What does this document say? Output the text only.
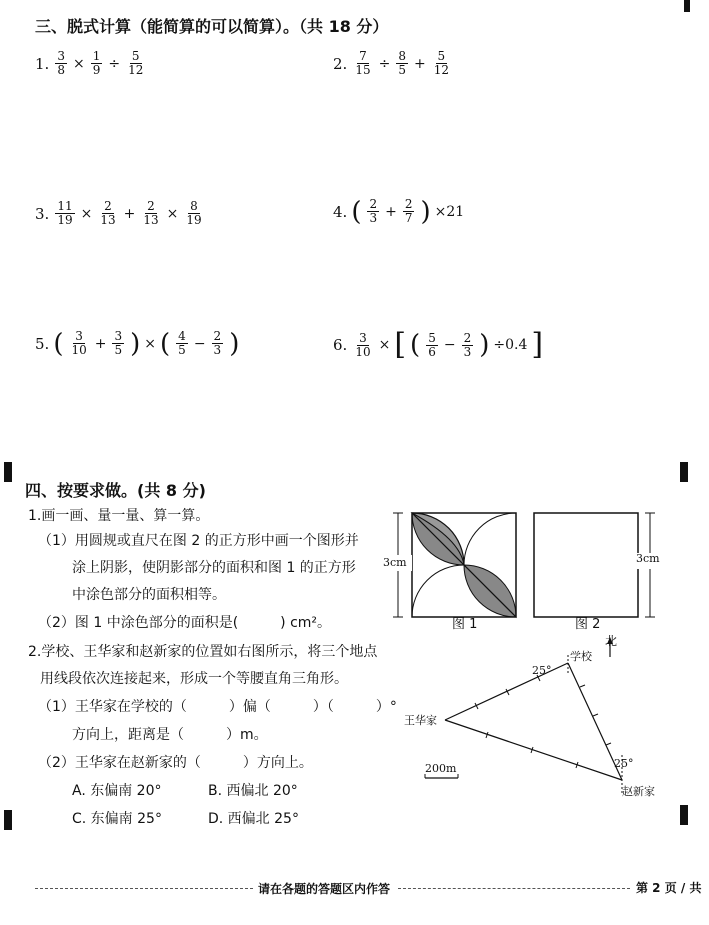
三、脱式计算（能简算的可以简算）。（共 18 分）
1. $\frac{3}{8} \times \frac{1}{9} \div \frac{5}{12}$	2. $\frac{7}{15} \div \frac{8}{5} + \frac{5}{12}$
3. $\frac{11}{19} \times \frac{2}{13} + \frac{2}{13} \times \frac{8}{19}$	4. ( $\frac{2}{3} + \frac{2}{7}$ ) ×21
5. ( $\frac{3}{10} + \frac{3}{5}$ ) × ( $\frac{4}{5} - \frac{2}{3}$ )	6. $\frac{3}{10}$ × [ ( $\frac{5}{6} - \frac{2}{3}$ ) ÷0.4 ]
四、按要求做。(共 8 分)
1.画一画、量一量、算一算。
（1）用圆规或直尺在图 2 的正方形中画一个图形并
涂上阴影，使阴影部分的面积和图 1 的正方形
中涂色部分的面积相等。
（2）图 1 中涂色部分的面积是(　　　) cm²。
3cm	3cm
图 1	图 2
2.学校、王华家和赵新家的位置如右图所示，将三个地点
用线段依次连接起来，形成一个等腰直角三角形。
（1）王华家在学校的（　　　）偏（　　　）（　　　）°
方向上，距离是（　　　）m。
（2）王华家在赵新家的（　　　）方向上。
A. 东偏南 20°	B. 西偏北 20°
C. 东偏南 25°	D. 西偏北 25°
北
学校
25°
王华家
25°
赵新家
200m
请在各题的答题区内作答	第 2 页 / 共
